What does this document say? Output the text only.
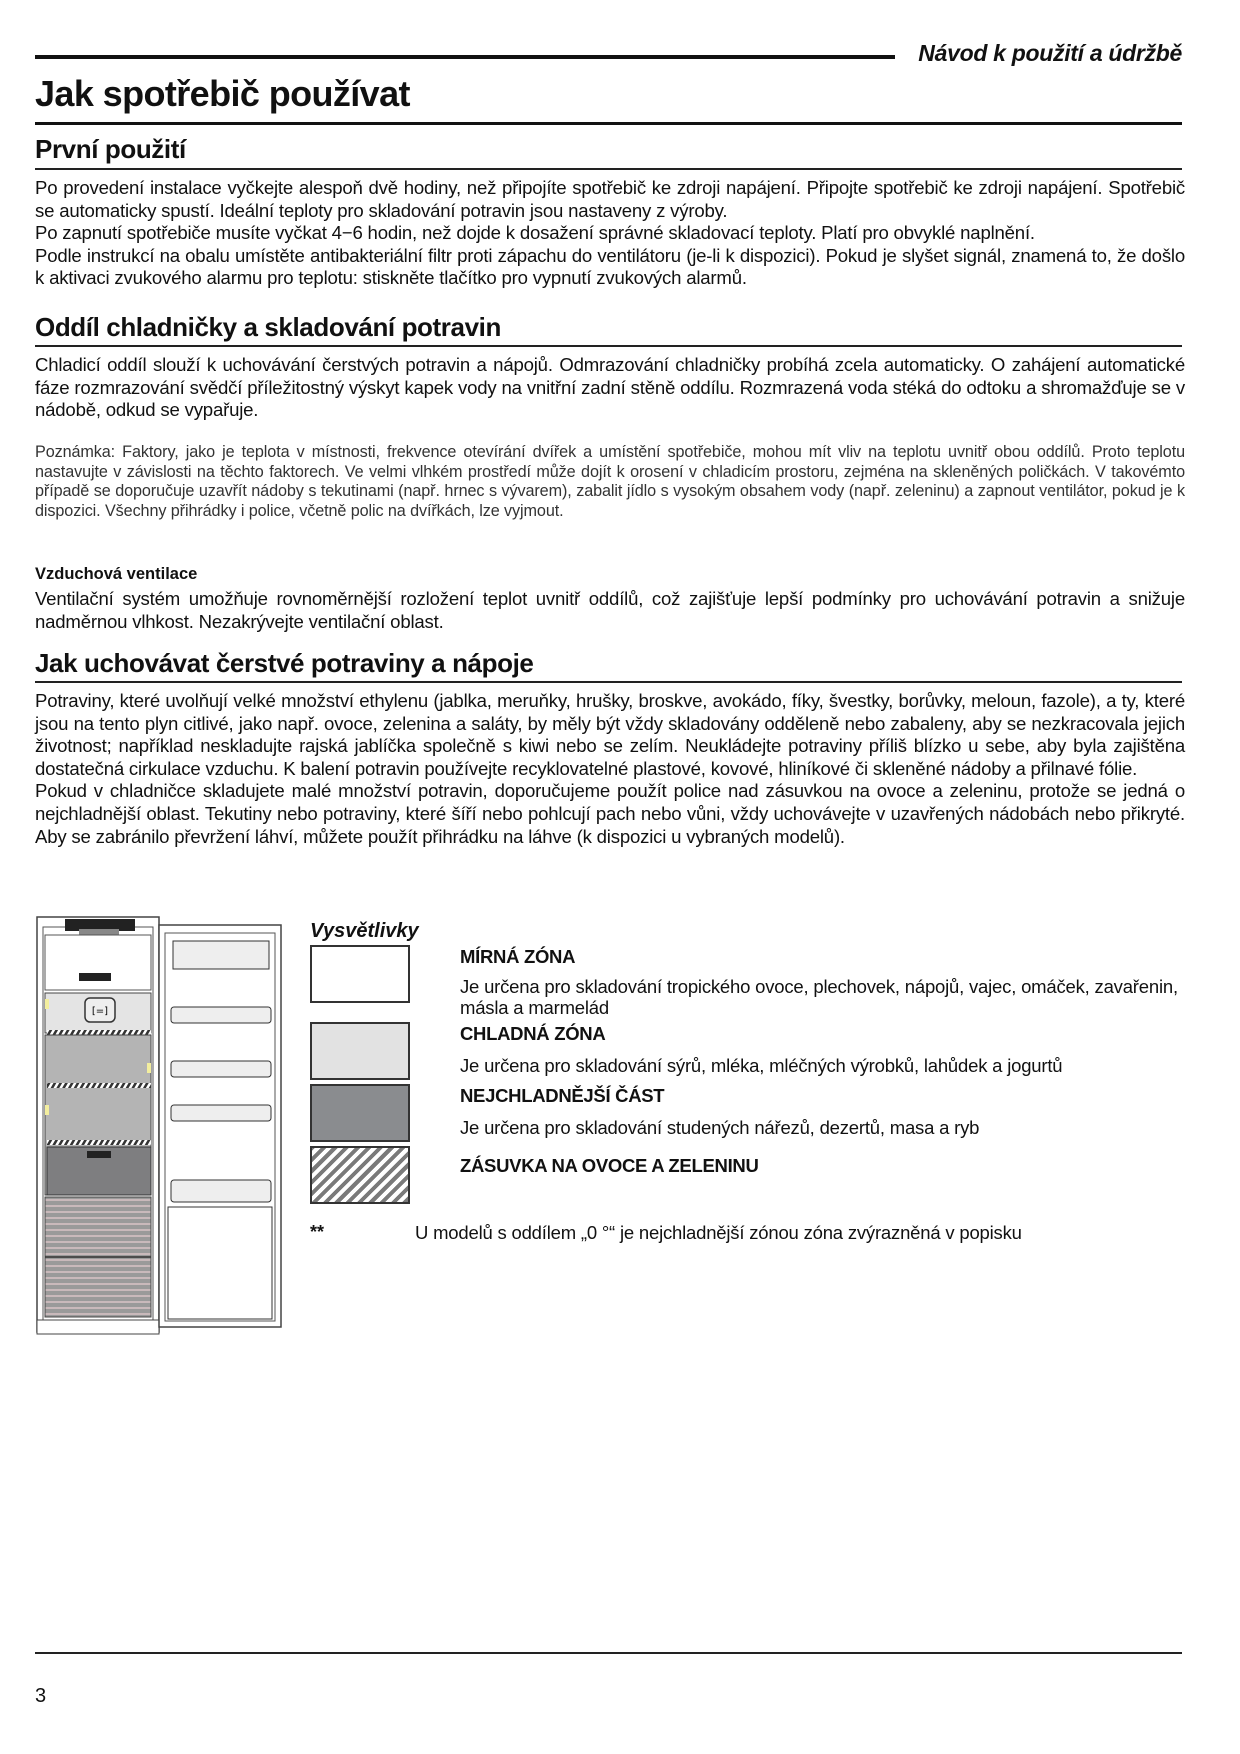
Návod k použití a údržbě
Jak spotřebič používat
První použití

Po provedení instalace vyčkejte alespoň dvě hodiny, než připojíte spotřebič ke zdroji napájení. Připojte spotřebič ke zdroji napájení. Spotřebič se automaticky spustí. Ideální teploty pro skladování potravin jsou nastaveny z výroby.

Po zapnutí spotřebiče musíte vyčkat 4−6 hodin, než dojde k dosažení správné skladovací teploty. Platí pro obvyklé naplnění.

Podle instrukcí na obalu umístěte antibakteriální filtr proti zápachu do ventilátoru (je-li k dispozici). Pokud je slyšet signál, znamená to, že došlo k aktivaci zvukového alarmu pro teplotu: stiskněte tlačítko pro vypnutí zvukových alarmů.

Oddíl chladničky a skladování potravin

Chladicí oddíl slouží k uchovávání čerstvých potravin a nápojů. Odmrazování chladničky probíhá zcela automaticky. O zahájení automatické fáze rozmrazování svědčí příležitostný výskyt kapek vody na vnitřní zadní stěně oddílu. Rozmrazená voda stéká do odtoku a shromažďuje se v nádobě, odkud se vypařuje.

Poznámka: Faktory, jako je teplota v místnosti, frekvence otevírání dvířek a umístění spotřebiče, mohou mít vliv na teplotu uvnitř obou oddílů. Proto teplotu nastavujte v závislosti na těchto faktorech. Ve velmi vlhkém prostředí může dojít k orosení v chladicím prostoru, zejména na skleněných poličkách. V takovémto případě se doporučuje uzavřít nádoby s tekutinami (např. hrnec s vývarem), zabalit jídlo s vysokým obsahem vody (např. zeleninu) a zapnout ventilátor, pokud je k dispozici. Všechny přihrádky i police, včetně polic na dvířkách, lze vyjmout.
Vzduchová ventilace
Ventilační systém umožňuje rovnoměrnější rozložení teplot uvnitř oddílů, což zajišťuje lepší podmínky pro uchovávání potravin a snižuje nadměrnou vlhkost. Nezakrývejte ventilační oblast.
Jak uchovávat čerstvé potraviny a nápoje

Potraviny, které uvolňují velké množství ethylenu (jablka, meruňky, hrušky, broskve, avokádo, fíky, švestky, borůvky, meloun, fazole), a ty, které jsou na tento plyn citlivé, jako např. ovoce, zelenina a saláty, by měly být vždy skladovány odděleně nebo zabaleny, aby se nezkracovala jejich životnost; například neskladujte rajská jablíčka společně s kiwi nebo se zelím. Neukládejte potraviny příliš blízko u sebe, aby byla zajištěna dostatečná cirkulace vzduchu. K balení potravin používejte recyklovatelné plastové, kovové, hliníkové či skleněné nádoby a přilnavé fólie.

Pokud v chladničce skladujete malé množství potravin, doporučujeme použít police nad zásuvkou na ovoce a zeleninu, protože se jedná o nejchladnější oblast. Tekutiny nebo potraviny, které šíří nebo pohlcují pach nebo vůni, vždy uchovávejte v uzavřených nádobách nebo přikryté. Aby se zabránilo převržení láhví, můžete použít přihrádku na láhve (k dispozici u vybraných modelů).

[=]
Vysvětlivky
MÍRNÁ ZÓNA
Je určena pro skladování tropického ovoce, plechovek, nápojů, vajec, omáček, zavařenin, másla a marmelád
CHLADNÁ ZÓNA
Je určena pro skladování sýrů, mléka, mléčných výrobků, lahůdek a jogurtů
NEJCHLADNĚJŠÍ ČÁST
Je určena pro skladování studených nářezů, dezertů, masa a ryb
ZÁSUVKA NA OVOCE A ZELENINU
**	U modelů s oddílem „0 °“ je nejchladnější zónou zóna zvýrazněná v popisku
3
